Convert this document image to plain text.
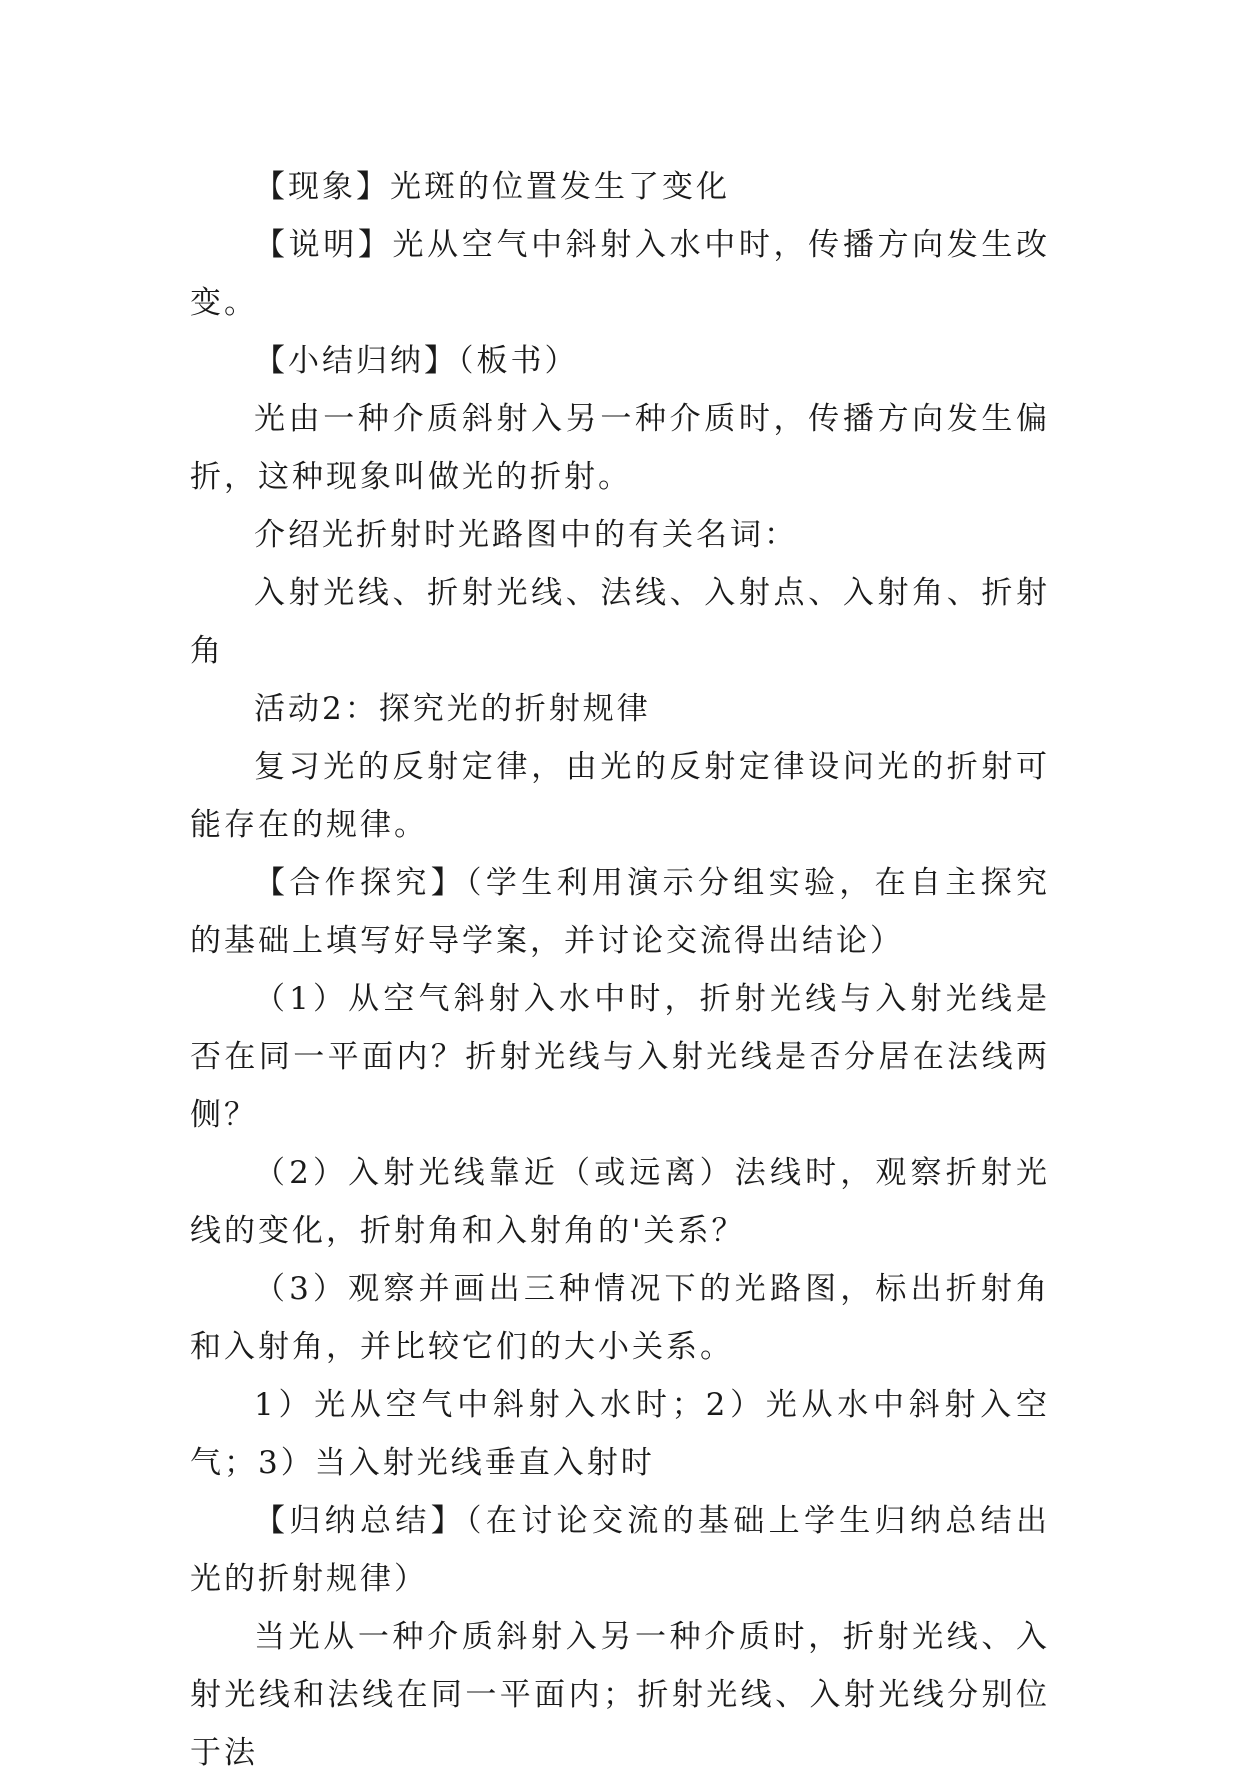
【现象】光斑的位置发生了变化

【说明】光从空气中斜射入水中时，传播方向发生改变。

【小结归纳】（板书）

光由一种介质斜射入另一种介质时，传播方向发生偏折，这种现象叫做光的折射。

介绍光折射时光路图中的有关名词：

入射光线、折射光线、法线、入射点、入射角、折射角

活动2：探究光的折射规律

复习光的反射定律，由光的反射定律设问光的折射可能存在的规律。

【合作探究】（学生利用演示分组实验，在自主探究的基础上填写好导学案，并讨论交流得出结论）

（1）从空气斜射入水中时，折射光线与入射光线是否在同一平面内？折射光线与入射光线是否分居在法线两侧？

（2）入射光线靠近（或远离）法线时，观察折射光线的变化，折射角和入射角的'关系？

（3）观察并画出三种情况下的光路图，标出折射角和入射角，并比较它们的大小关系。

1）光从空气中斜射入水时；2）光从水中斜射入空气；3）当入射光线垂直入射时

【归纳总结】（在讨论交流的基础上学生归纳总结出光的折射规律）

当光从一种介质斜射入另一种介质时，折射光线、入射光线和法线在同一平面内；折射光线、入射光线分别位于法
